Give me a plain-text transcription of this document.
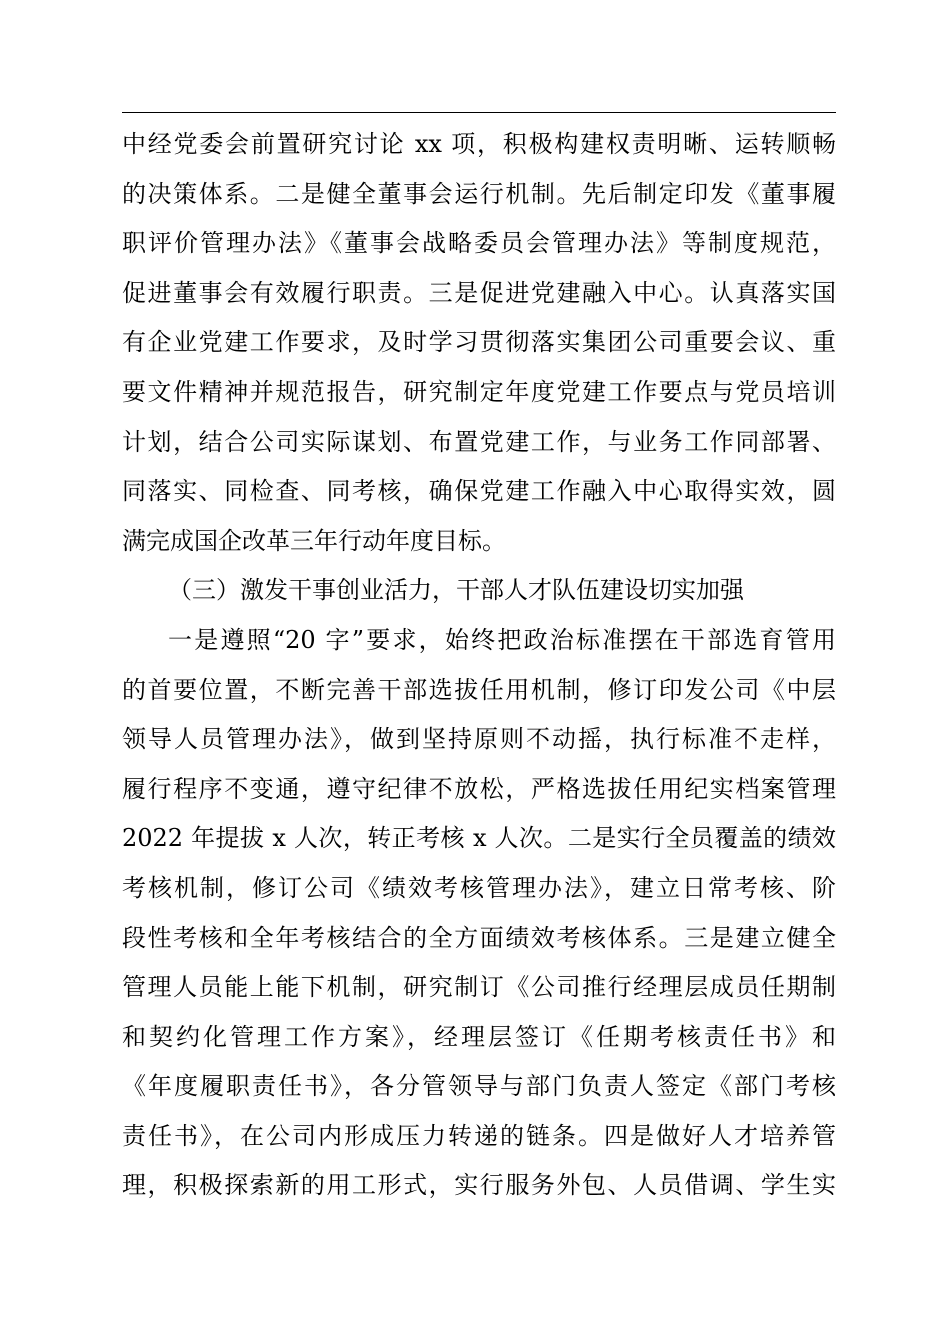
中经党委会前置研究讨论 xx 项，积极构建权责明晰、运转顺畅
的决策体系。二是健全董事会运行机制。先后制定印发《董事履
职评价管理办法》《董事会战略委员会管理办法》等制度规范，
促进董事会有效履行职责。三是促进党建融入中心。认真落实国
有企业党建工作要求，及时学习贯彻落实集团公司重要会议、重
要文件精神并规范报告，研究制定年度党建工作要点与党员培训
计划，结合公司实际谋划、布置党建工作，与业务工作同部署、
同落实、同检查、同考核，确保党建工作融入中心取得实效，圆
满完成国企改革三年行动年度目标。
（三）激发干事创业活力，干部人才队伍建设切实加强
一是遵照“20 字”要求，始终把政治标准摆在干部选育管用
的首要位置，不断完善干部选拔任用机制，修订印发公司《中层
领导人员管理办法》，做到坚持原则不动摇，执行标准不走样，
履行程序不变通，遵守纪律不放松，严格选拔任用纪实档案管理
2022 年提拔 x 人次，转正考核 x 人次。二是实行全员覆盖的绩效
考核机制，修订公司《绩效考核管理办法》，建立日常考核、阶
段性考核和全年考核结合的全方面绩效考核体系。三是建立健全
管理人员能上能下机制，研究制订《公司推行经理层成员任期制
和契约化管理工作方案》，经理层签订《任期考核责任书》和
《年度履职责任书》，各分管领导与部门负责人签定《部门考核
责任书》，在公司内形成压力转递的链条。四是做好人才培养管
理，积极探索新的用工形式，实行服务外包、人员借调、学生实
